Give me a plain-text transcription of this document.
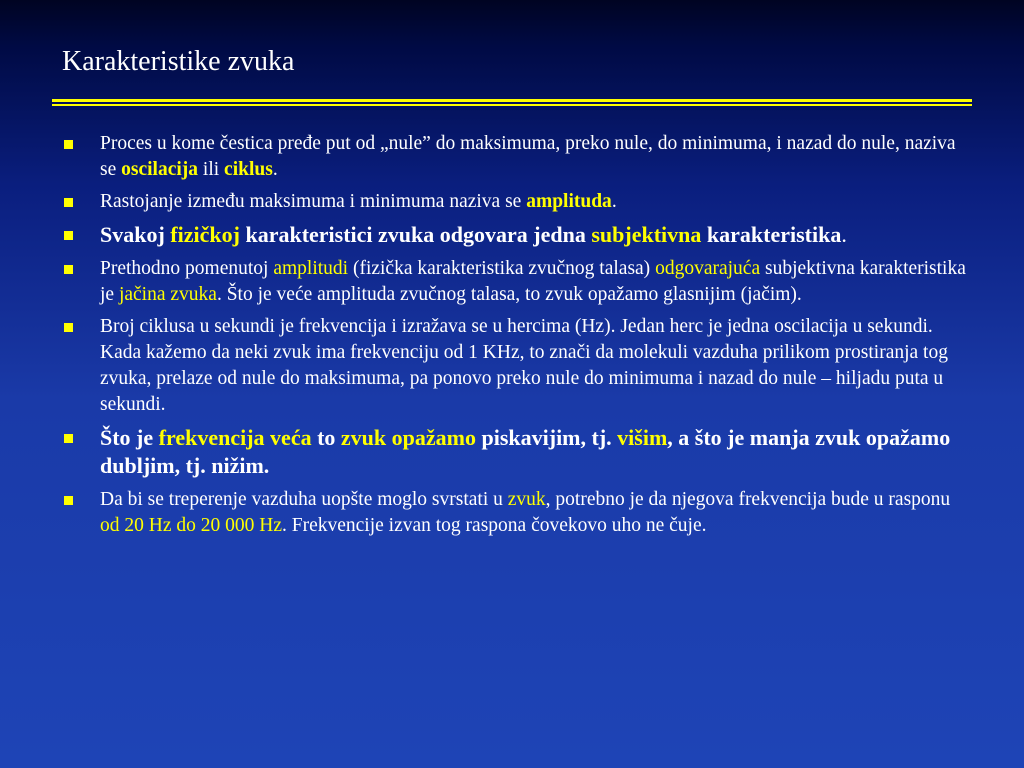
Karakteristike zvuka

Proces u kome čestica pređe put od „nule” do maksimuma, preko nule, do minimuma, i nazad do nule, naziva se oscilacija ili ciklus.

Rastojanje između maksimuma i minimuma naziva se amplituda.

Svakoj fizičkoj karakteristici zvuka odgovara jedna subjektivna karakteristika.

Prethodno pomenutoj amplitudi (fizička karakteristika zvučnog talasa) odgovarajuća subjektivna karakteristika je jačina zvuka. Što je veće amplituda zvučnog talasa, to zvuk opažamo glasnijim (jačim).

Broj ciklusa u sekundi je frekvencija i izražava se u hercima (Hz). Jedan herc je jedna oscilacija u sekundi. Kada kažemo da neki zvuk ima frekvenciju od 1 KHz, to znači da molekuli vazduha prilikom prostiranja tog zvuka, prelaze od nule do maksimuma, pa ponovo preko nule do minimuma i nazad do nule – hiljadu puta u sekundi.

Što je frekvencija veća to zvuk opažamo piskavijim, tj. višim, a što je manja zvuk opažamo dubljim, tj. nižim.

Da bi se treperenje vazduha uopšte moglo svrstati u zvuk, potrebno je da njegova frekvencija bude u rasponu od 20 Hz do 20 000 Hz. Frekvencije izvan tog raspona čovekovo uho ne čuje.
